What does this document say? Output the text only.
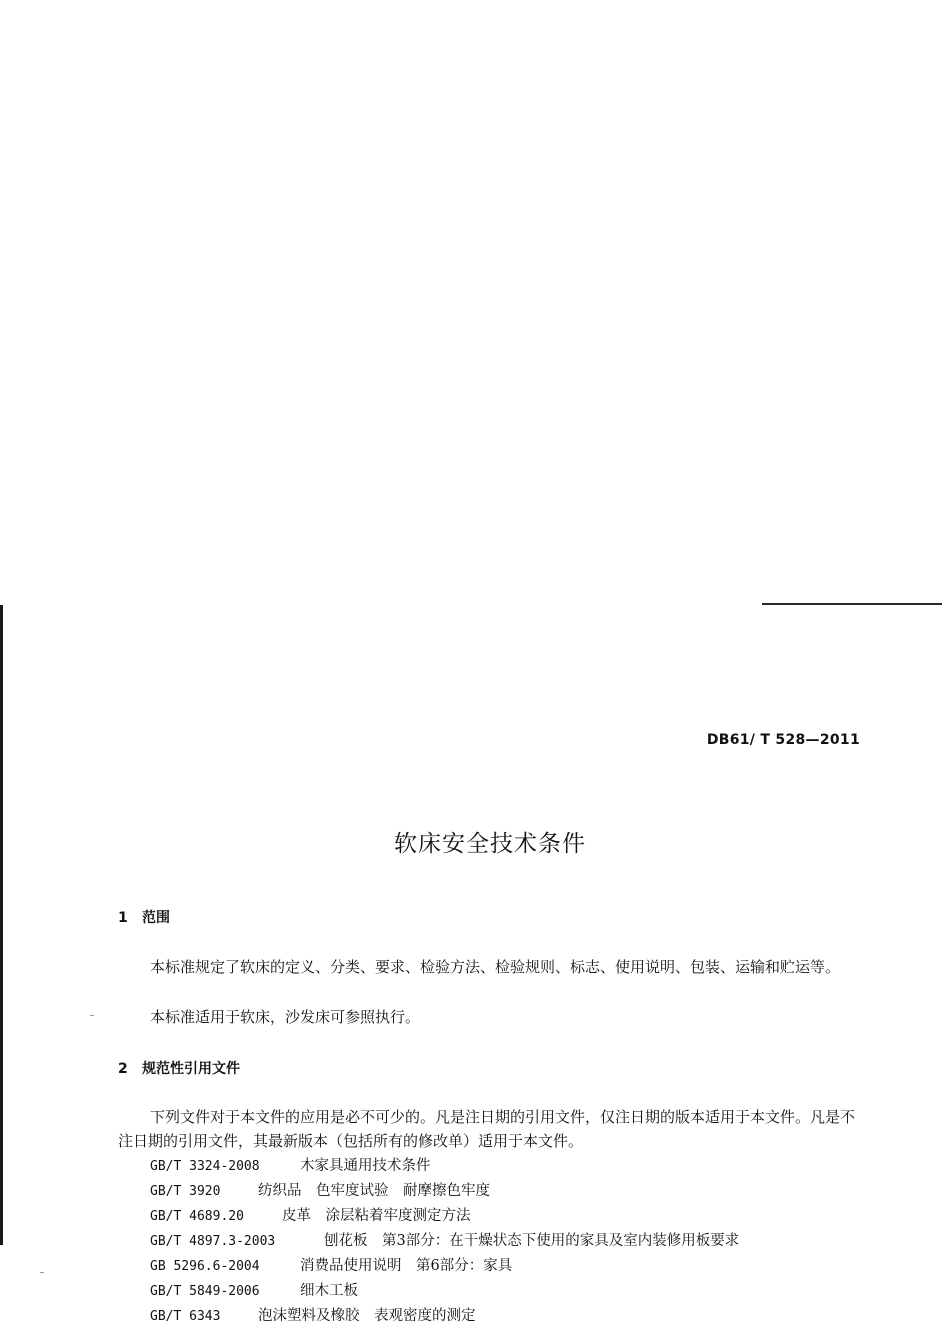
DB61/ T 528—2011
软床安全技术条件
1 范围
本标准规定了软床的定义、分类、要求、检验方法、检验规则、标志、使用说明、包装、运输和贮运等。
本标准适用于软床，沙发床可参照执行。
2 规范性引用文件
下列文件对于本文件的应用是必不可少的。凡是注日期的引用文件，仅注日期的版本适用于本文件。凡是不注日期的引用文件，其最新版本（包括所有的修改单）适用于本文件。
GB/T 3324-2008	木家具通用技术条件
GB/T 3920	纺织品　色牢度试验　耐摩擦色牢度
GB/T 4689.20	皮革　涂层粘着牢度测定方法
GB/T 4897.3-2003	刨花板　第3部分：在干燥状态下使用的家具及室内装修用板要求
GB 5296.6-2004	消费品使用说明　第6部分：家具
GB/T 5849-2006	细木工板
GB/T 6343	泡沫塑料及橡胶　表观密度的测定
